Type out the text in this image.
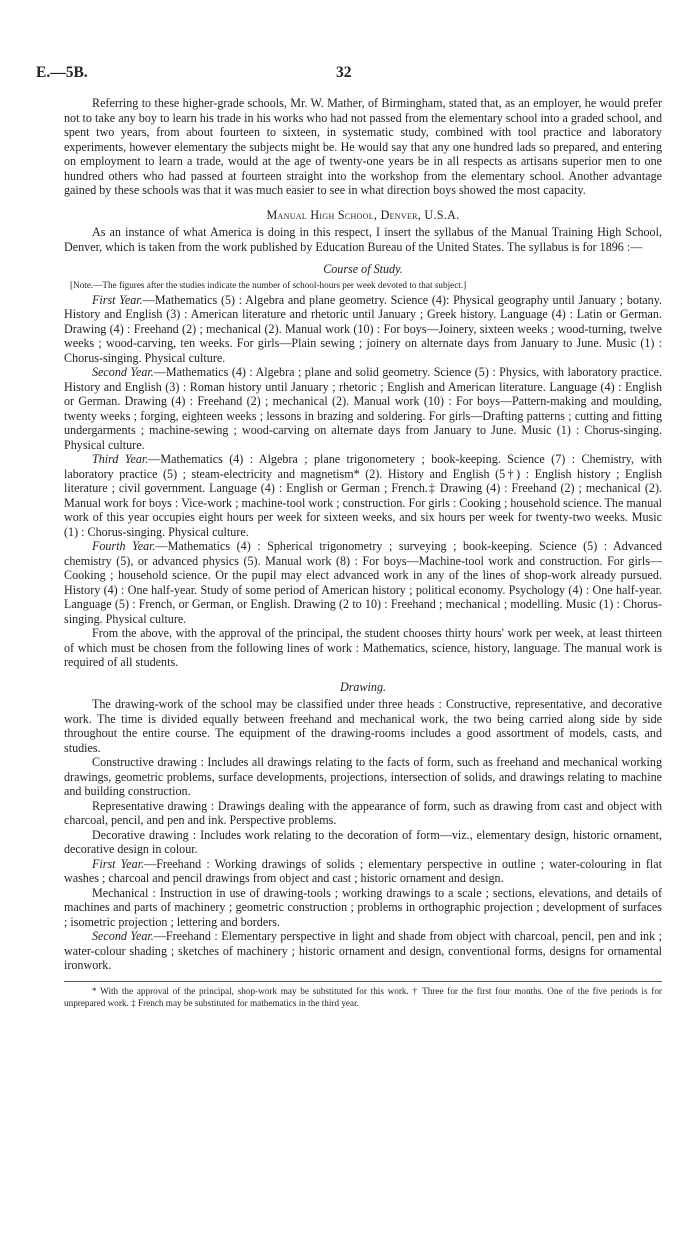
E.—5B.	32

Referring to these higher-grade schools, Mr. W. Mather, of Birmingham, stated that, as an employer, he would prefer not to take any boy to learn his trade in his works who had not passed from the elementary school into a graded school, and spent two years, from about fourteen to sixteen, in systematic study, combined with tool practice and laboratory experiments, however elementary the subjects might be. He would say that any one hundred lads so prepared, and entering on employment to learn a trade, would at the age of twenty-one years be in all respects as artisans superior men to one hundred others who had passed at fourteen straight into the workshop from the elementary school. Another advantage gained by these schools was that it was much easier to see in what direction boys showed the most capacity.

Manual High School, Denver, U.S.A.

As an instance of what America is doing in this respect, I insert the syllabus of the Manual Training High School, Denver, which is taken from the work published by Education Bureau of the United States. The syllabus is for 1896 :—

Course of Study.

[Note.—The figures after the studies indicate the number of school-hours per week devoted to that subject.]

First Year.—Mathematics (5) : Algebra and plane geometry. Science (4): Physical geography until January ; botany. History and English (3) : American literature and rhetoric until January ; Greek history. Language (4) : Latin or German. Drawing (4) : Freehand (2) ; mechanical (2). Manual work (10) : For boys—Joinery, sixteen weeks ; wood-turning, twelve weeks ; wood-carving, ten weeks. For girls—Plain sewing ; joinery on alternate days from January to June. Music (1) : Chorus-singing. Physical culture.

Second Year.—Mathematics (4) : Algebra ; plane and solid geometry. Science (5) : Physics, with laboratory practice. History and English (3) : Roman history until January ; rhetoric ; English and American literature. Language (4) : English or German. Drawing (4) : Freehand (2) ; mechanical (2). Manual work (10) : For boys—Pattern-making and moulding, twenty weeks ; forging, eighteen weeks ; lessons in brazing and soldering. For girls—Drafting patterns ; cutting and fitting undergarments ; machine-sewing ; wood-carving on alternate days from January to June. Music (1) : Chorus-singing. Physical culture.

Third Year.—Mathematics (4) : Algebra ; plane trigonometery ; book-keeping. Science (7) : Chemistry, with laboratory practice (5) ; steam-electricity and magnetism* (2). History and English (5†) : English history ; English literature ; civil government. Language (4) : English or German ; French.‡ Drawing (4) : Freehand (2) ; mechanical (2). Manual work for boys : Vice-work ; machine-tool work ; construction. For girls : Cooking ; household science. The manual work of this year occupies eight hours per week for sixteen weeks, and six hours per week for twenty-two weeks. Music (1) : Chorus-singing. Physical culture.

Fourth Year.—Mathematics (4) : Spherical trigonometry ; surveying ; book-keeping. Science (5) : Advanced chemistry (5), or advanced physics (5). Manual work (8) : For boys—Machine-tool work and construction. For girls—Cooking ; household science. Or the pupil may elect advanced work in any of the lines of shop-work already pursued. History (4) : One half-year. Study of some period of American history ; political economy. Psychology (4) : One half-year. Language (5) : French, or German, or English. Drawing (2 to 10) : Freehand ; mechanical ; modelling. Music (1) : Chorus-singing. Physical culture.

From the above, with the approval of the principal, the student chooses thirty hours' work per week, at least thirteen of which must be chosen from the following lines of work : Mathematics, science, history, language. The manual work is required of all students.

Drawing.

The drawing-work of the school may be classified under three heads : Constructive, representative, and decorative work. The time is divided equally between freehand and mechanical work, the two being carried along side by side throughout the entire course. The equipment of the drawing-rooms includes a good assortment of models, casts, and studies.

Constructive drawing : Includes all drawings relating to the facts of form, such as freehand and mechanical working drawings, geometric problems, surface developments, projections, intersection of solids, and drawings relating to machine and building construction.

Representative drawing : Drawings dealing with the appearance of form, such as drawing from cast and object with charcoal, pencil, and pen and ink. Perspective problems.

Decorative drawing : Includes work relating to the decoration of form—viz., elementary design, historic ornament, decorative design in colour.

First Year.—Freehand : Working drawings of solids ; elementary perspective in outline ; water-colouring in flat washes ; charcoal and pencil drawings from object and cast ; historic ornament and design.

Mechanical : Instruction in use of drawing-tools ; working drawings to a scale ; sections, elevations, and details of machines and parts of machinery ; geometric construction ; problems in orthographic projection ; development of surfaces ; isometric projection ; lettering and borders.

Second Year.—Freehand : Elementary perspective in light and shade from object with charcoal, pencil, pen and ink ; water-colour shading ; sketches of machinery ; historic ornament and design, conventional forms, designs for ornamental ironwork.

* With the approval of the principal, shop-work may be substituted for this work. † Three for the first four months. One of the five periods is for unprepared work. ‡ French may be substituted for mathematics in the third year.
